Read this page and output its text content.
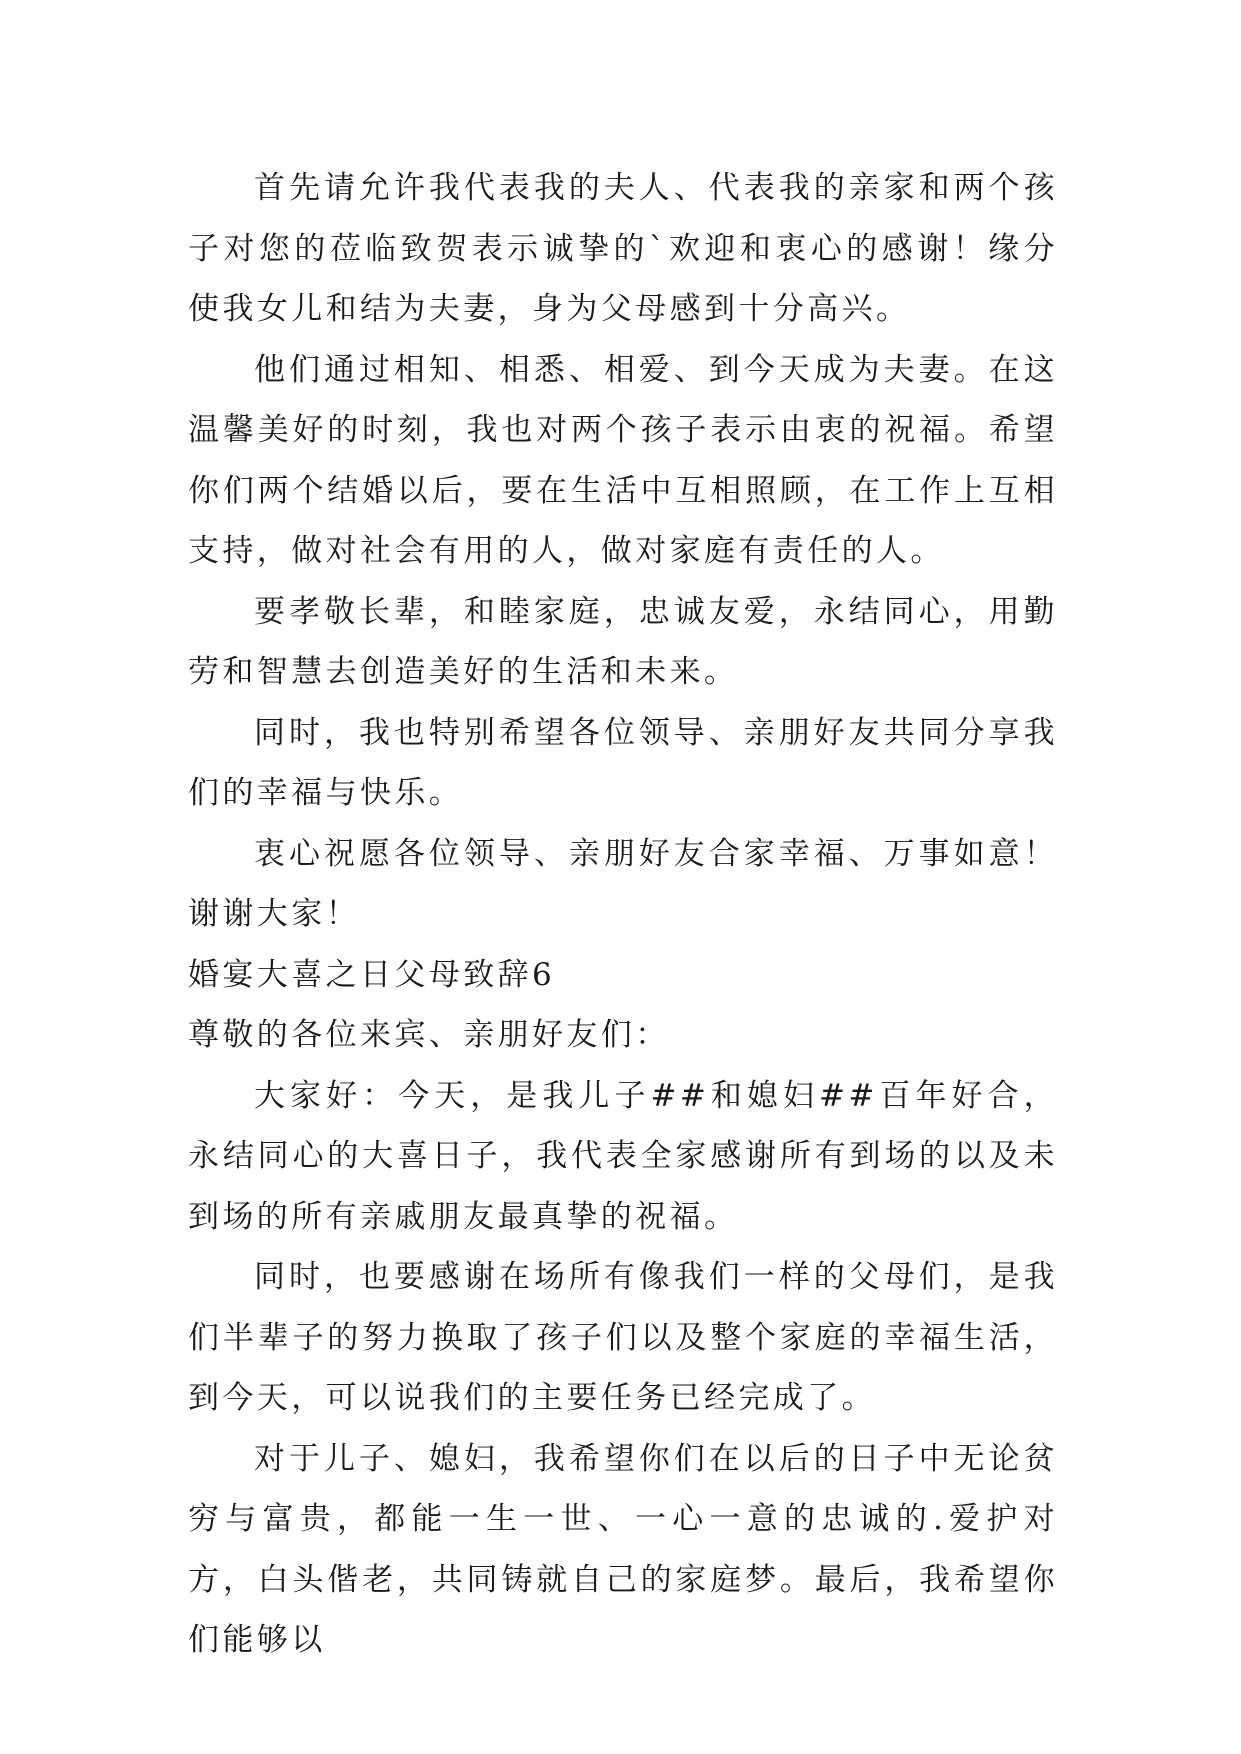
首先请允许我代表我的夫人、代表我的亲家和两个孩子对您的莅临致贺表示诚挚的`欢迎和衷心的感谢！缘分使我女儿和结为夫妻，身为父母感到十分高兴。

他们通过相知、相悉、相爱、到今天成为夫妻。在这温馨美好的时刻，我也对两个孩子表示由衷的祝福。希望你们两个结婚以后，要在生活中互相照顾，在工作上互相支持，做对社会有用的人，做对家庭有责任的人。

要孝敬长辈，和睦家庭，忠诚友爱，永结同心，用勤劳和智慧去创造美好的生活和未来。

同时，我也特别希望各位领导、亲朋好友共同分享我们的幸福与快乐。

衷心祝愿各位领导、亲朋好友合家幸福、万事如意！谢谢大家！

婚宴大喜之日父母致辞6

尊敬的各位来宾、亲朋好友们：

大家好：今天，是我儿子##和媳妇##百年好合，永结同心的大喜日子，我代表全家感谢所有到场的以及未到场的所有亲戚朋友最真挚的祝福。

同时，也要感谢在场所有像我们一样的父母们，是我们半辈子的努力换取了孩子们以及整个家庭的幸福生活，到今天，可以说我们的主要任务已经完成了。

对于儿子、媳妇，我希望你们在以后的日子中无论贫穷与富贵，都能一生一世、一心一意的忠诚的.爱护对方，白头偕老，共同铸就自己的家庭梦。最后，我希望你们能够以
